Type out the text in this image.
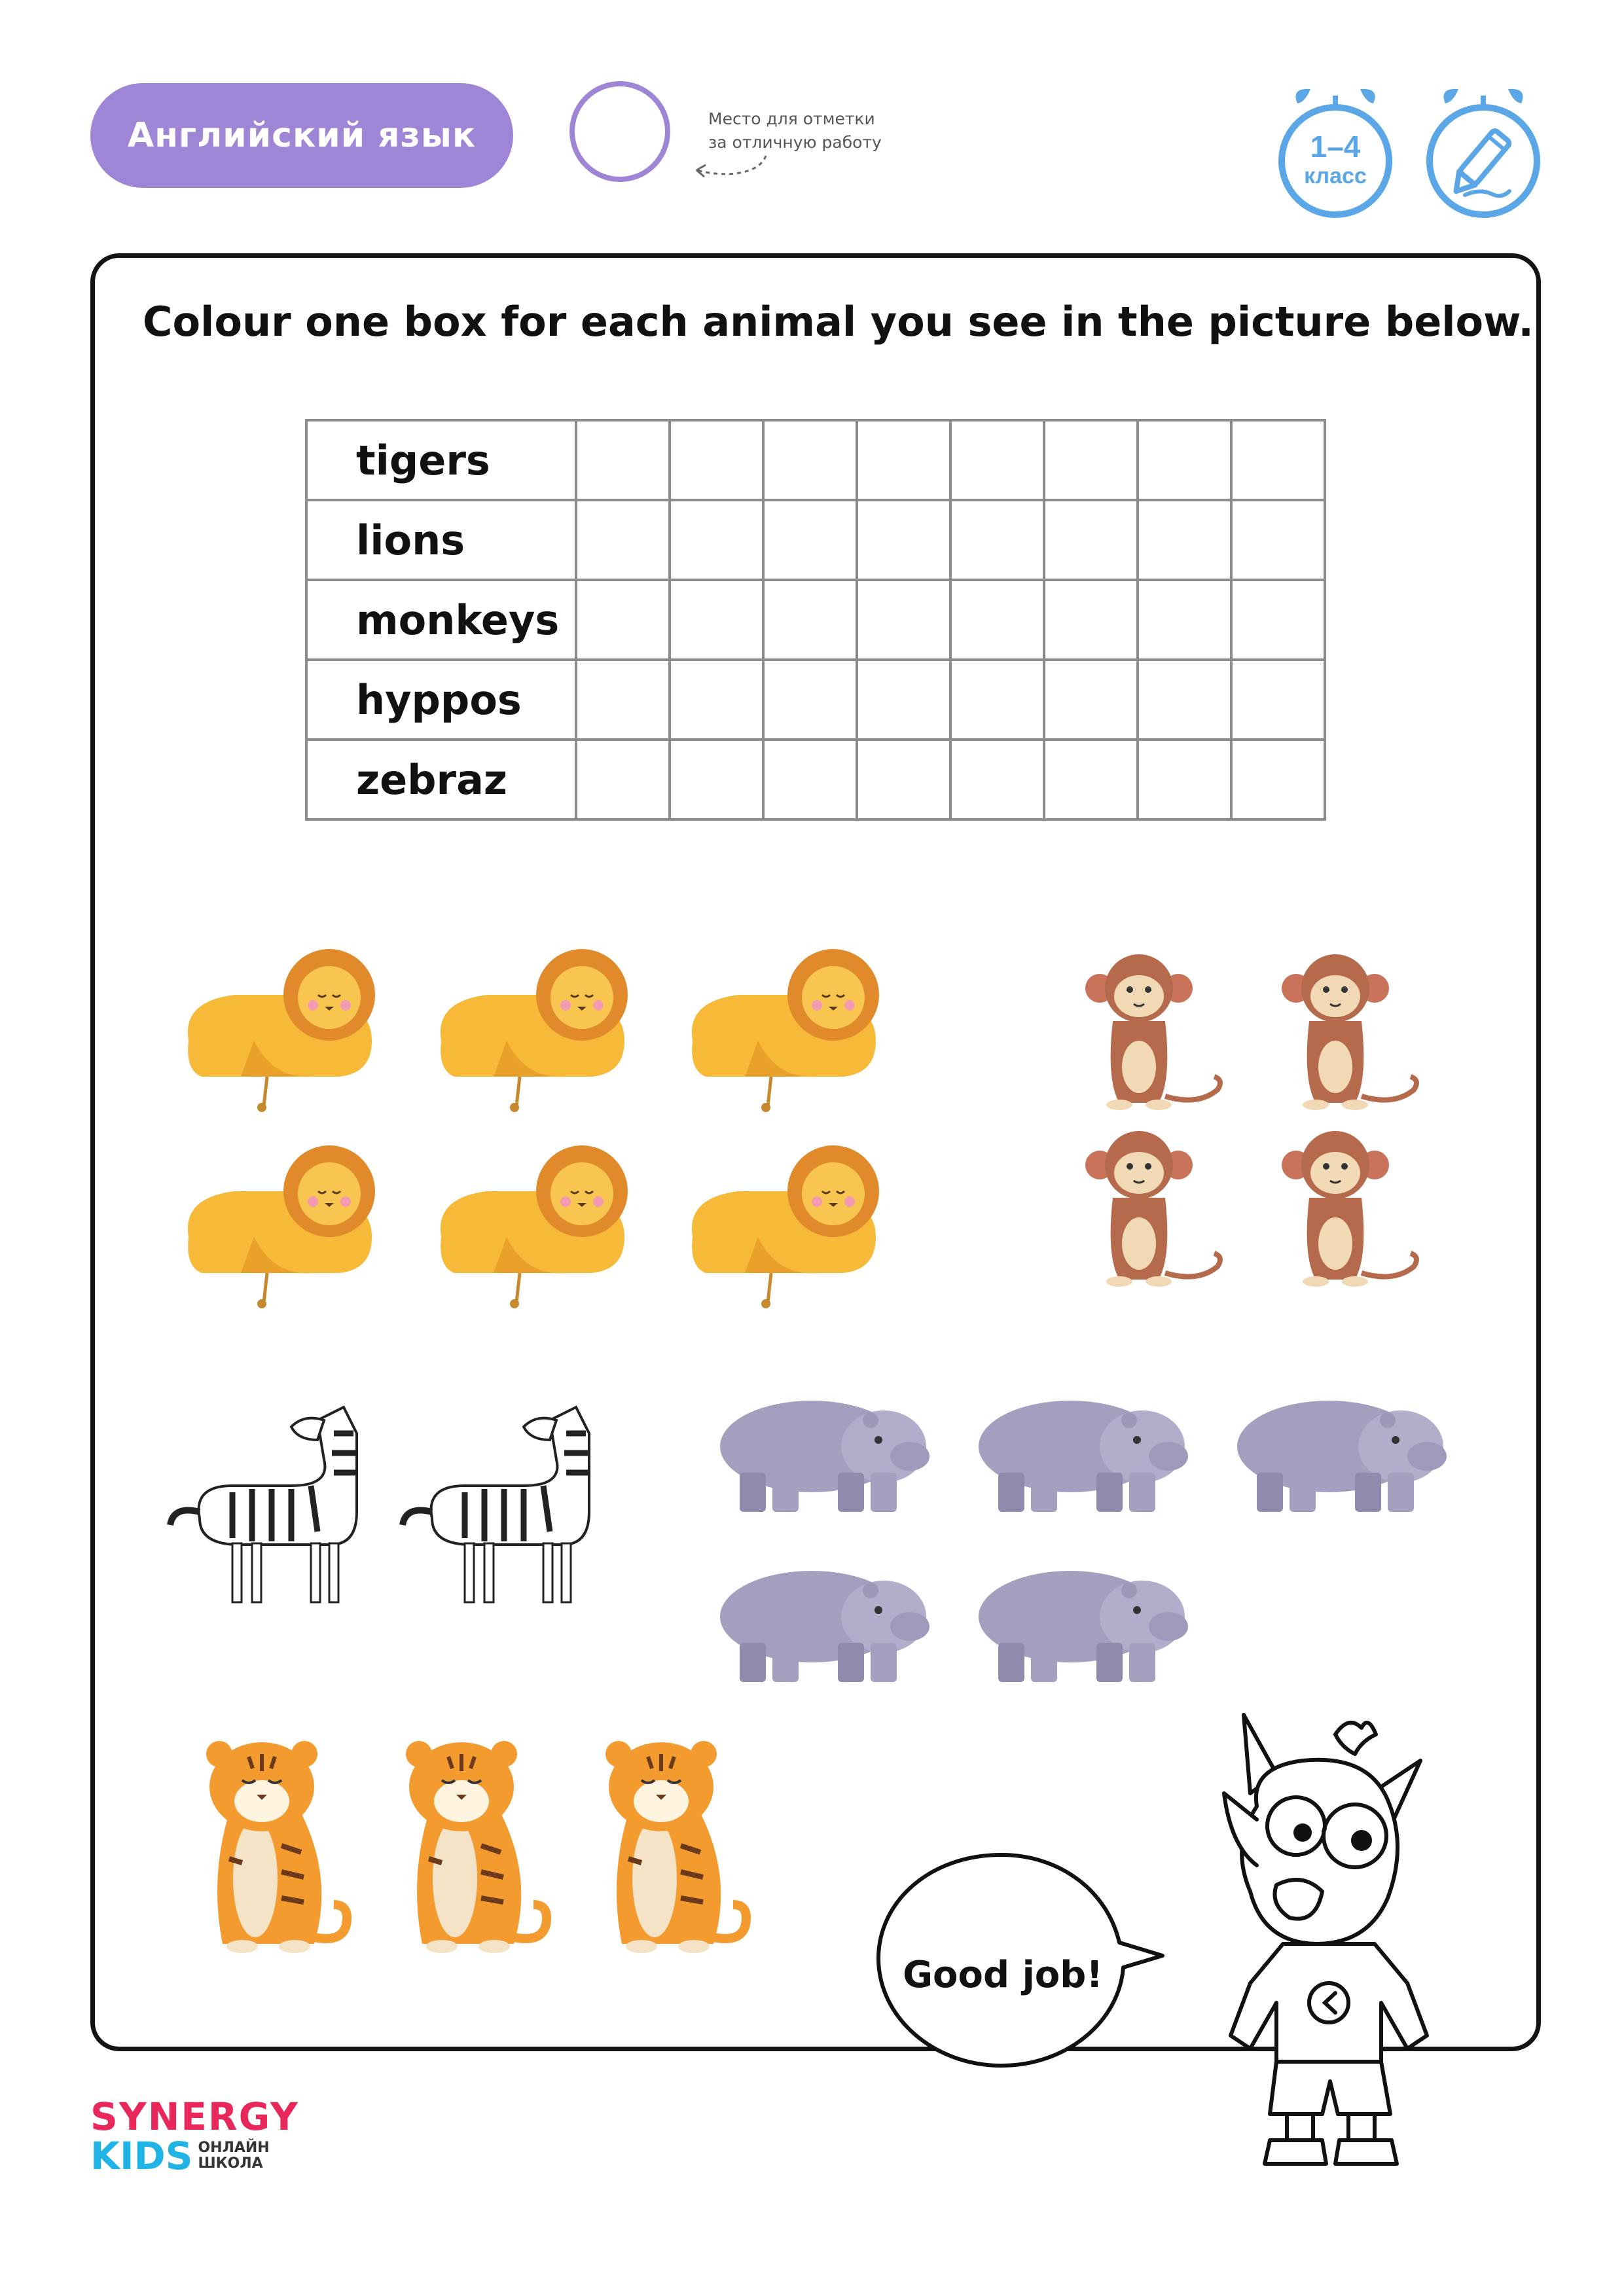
Английский язык	Место для отметки
за отличную работу	1–4
класс
Colour one box for each animal you see in the picture below.
tigers								
lions								
monkeys								
hyppos								
zebraz								
Good job!
SYNERGY
KIDS ОНЛАЙН
ШКОЛА
